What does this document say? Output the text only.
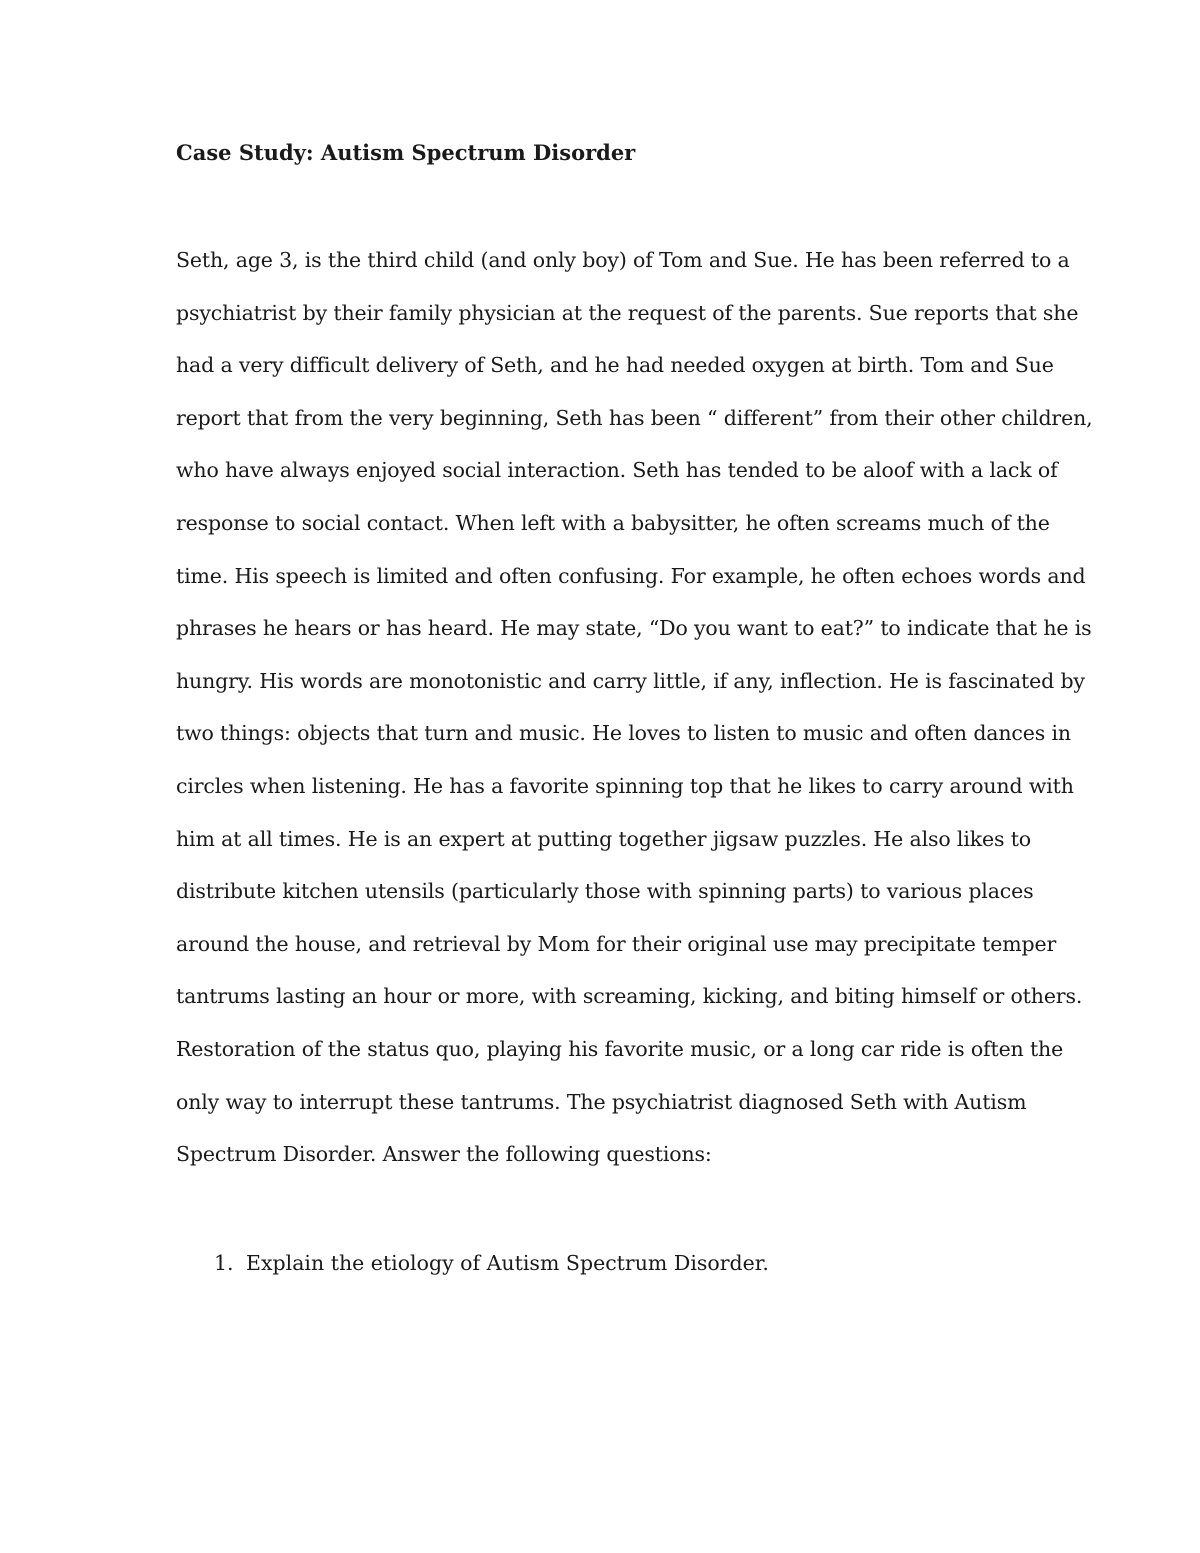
Case Study: Autism Spectrum Disorder
Seth, age 3, is the third child (and only boy) of Tom and Sue. He has been referred to a
psychiatrist by their family physician at the request of the parents. Sue reports that she
had a very difficult delivery of Seth, and he had needed oxygen at birth. Tom and Sue
report that from the very beginning, Seth has been “ different” from their other children,
who have always enjoyed social interaction. Seth has tended to be aloof with a lack of
response to social contact. When left with a babysitter, he often screams much of the
time. His speech is limited and often confusing. For example, he often echoes words and
phrases he hears or has heard. He may state, “Do you want to eat?” to indicate that he is
hungry. His words are monotonistic and carry little, if any, inflection. He is fascinated by
two things: objects that turn and music. He loves to listen to music and often dances in
circles when listening. He has a favorite spinning top that he likes to carry around with
him at all times. He is an expert at putting together jigsaw puzzles. He also likes to
distribute kitchen utensils (particularly those with spinning parts) to various places
around the house, and retrieval by Mom for their original use may precipitate temper
tantrums lasting an hour or more, with screaming, kicking, and biting himself or others.
Restoration of the status quo, playing his favorite music, or a long car ride is often the
only way to interrupt these tantrums. The psychiatrist diagnosed Seth with Autism
Spectrum Disorder. Answer the following questions:
1. Explain the etiology of Autism Spectrum Disorder.
